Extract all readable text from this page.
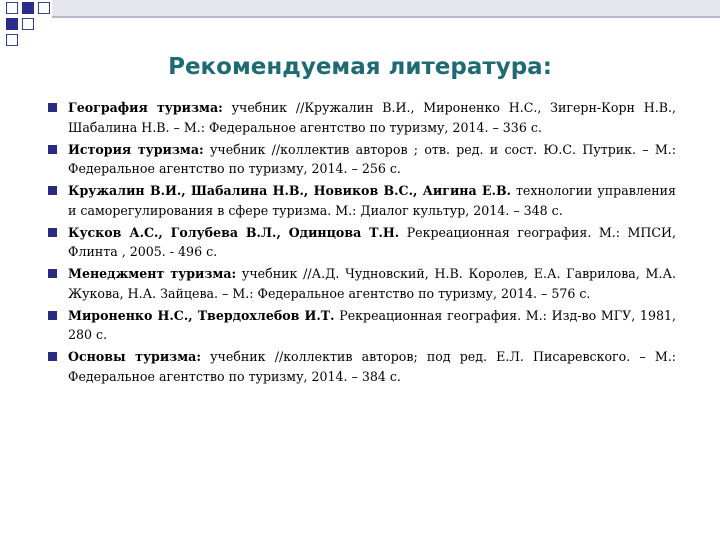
Рекомендуемая литература:
География туризма: учебник //Кружалин В.И., Мироненко Н.С., Зигерн-Корн Н.В., Шабалина Н.В. – М.: Федеральное агентство по туризму, 2014. – 336 с.
История туризма: учебник //коллектив авторов ; отв. ред. и сост. Ю.С. Путрик. – М.: Федеральное агентство по туризму, 2014. – 256 с.
Кружалин В.И., Шабалина Н.В., Новиков В.С., Аигина Е.В. технологии управления и саморегулирования в сфере туризма. М.: Диалог культур, 2014. – 348 с.
Кусков А.С., Голубева В.Л., Одинцова Т.Н. Рекреационная география. М.: МПСИ, Флинта , 2005. - 496 с.
Менеджмент туризма: учебник //А.Д. Чудновский, Н.В. Королев, Е.А. Гаврилова, М.А. Жукова, Н.А. Зайцева. – М.: Федеральное агентство по туризму, 2014. – 576 с.
Мироненко Н.С., Твердохлебов И.Т. Рекреационная география. М.: Изд-во МГУ, 1981, 280 с.
Основы туризма: учебник //коллектив авторов; под ред. Е.Л. Писаревского. – М.: Федеральное агентство по туризму, 2014. – 384 с.
